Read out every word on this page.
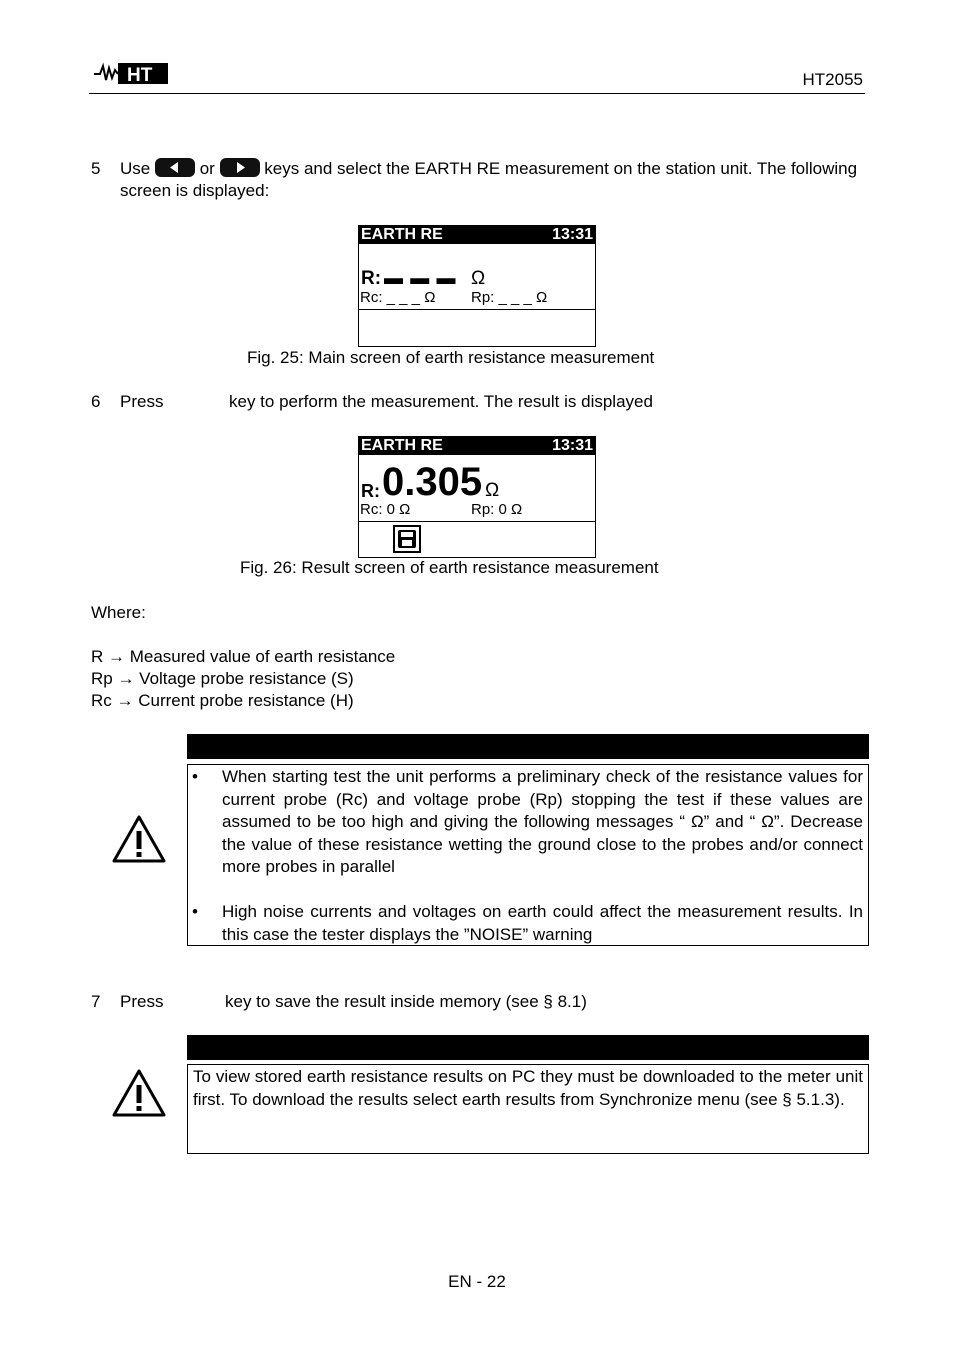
HT	HT2055
5 Use	or	keys and select the EARTH RE measurement on the station unit. The following screen is displayed:
EARTH RE	13:31
R: ▬ ▬ ▬ Ω
Rc: _ _ _ Ω Rp: _ _ _ Ω
Fig. 25: Main screen of earth resistance measurement
6 Press	key to perform the measurement. The result is displayed
EARTH RE	13:31
R: 0.305 Ω
Rc: 0 Ω	Rp: 0 Ω
Fig. 26: Result screen of earth resistance measurement
Where:
R → Measured value of earth resistance
Rp → Voltage probe resistance (S)
Rc → Current probe resistance (H)
• When starting test the unit performs a preliminary check of the resistance values for current probe (Rc) and voltage probe (Rp) stopping the test if these values are assumed to be too high and giving the following messages “ Ω” and “ Ω”. Decrease the value of these resistance wetting the ground close to the probes and/or connect more probes in parallel
• High noise currents and voltages on earth could affect the measurement results. In this case the tester displays the ”NOISE” warning
7 Press	key to save the result inside memory (see § 8.1)
To view stored earth resistance results on PC they must be downloaded to the meter unit first. To download the results select earth results from Synchronize menu (see § 5.1.3).
EN - 22
